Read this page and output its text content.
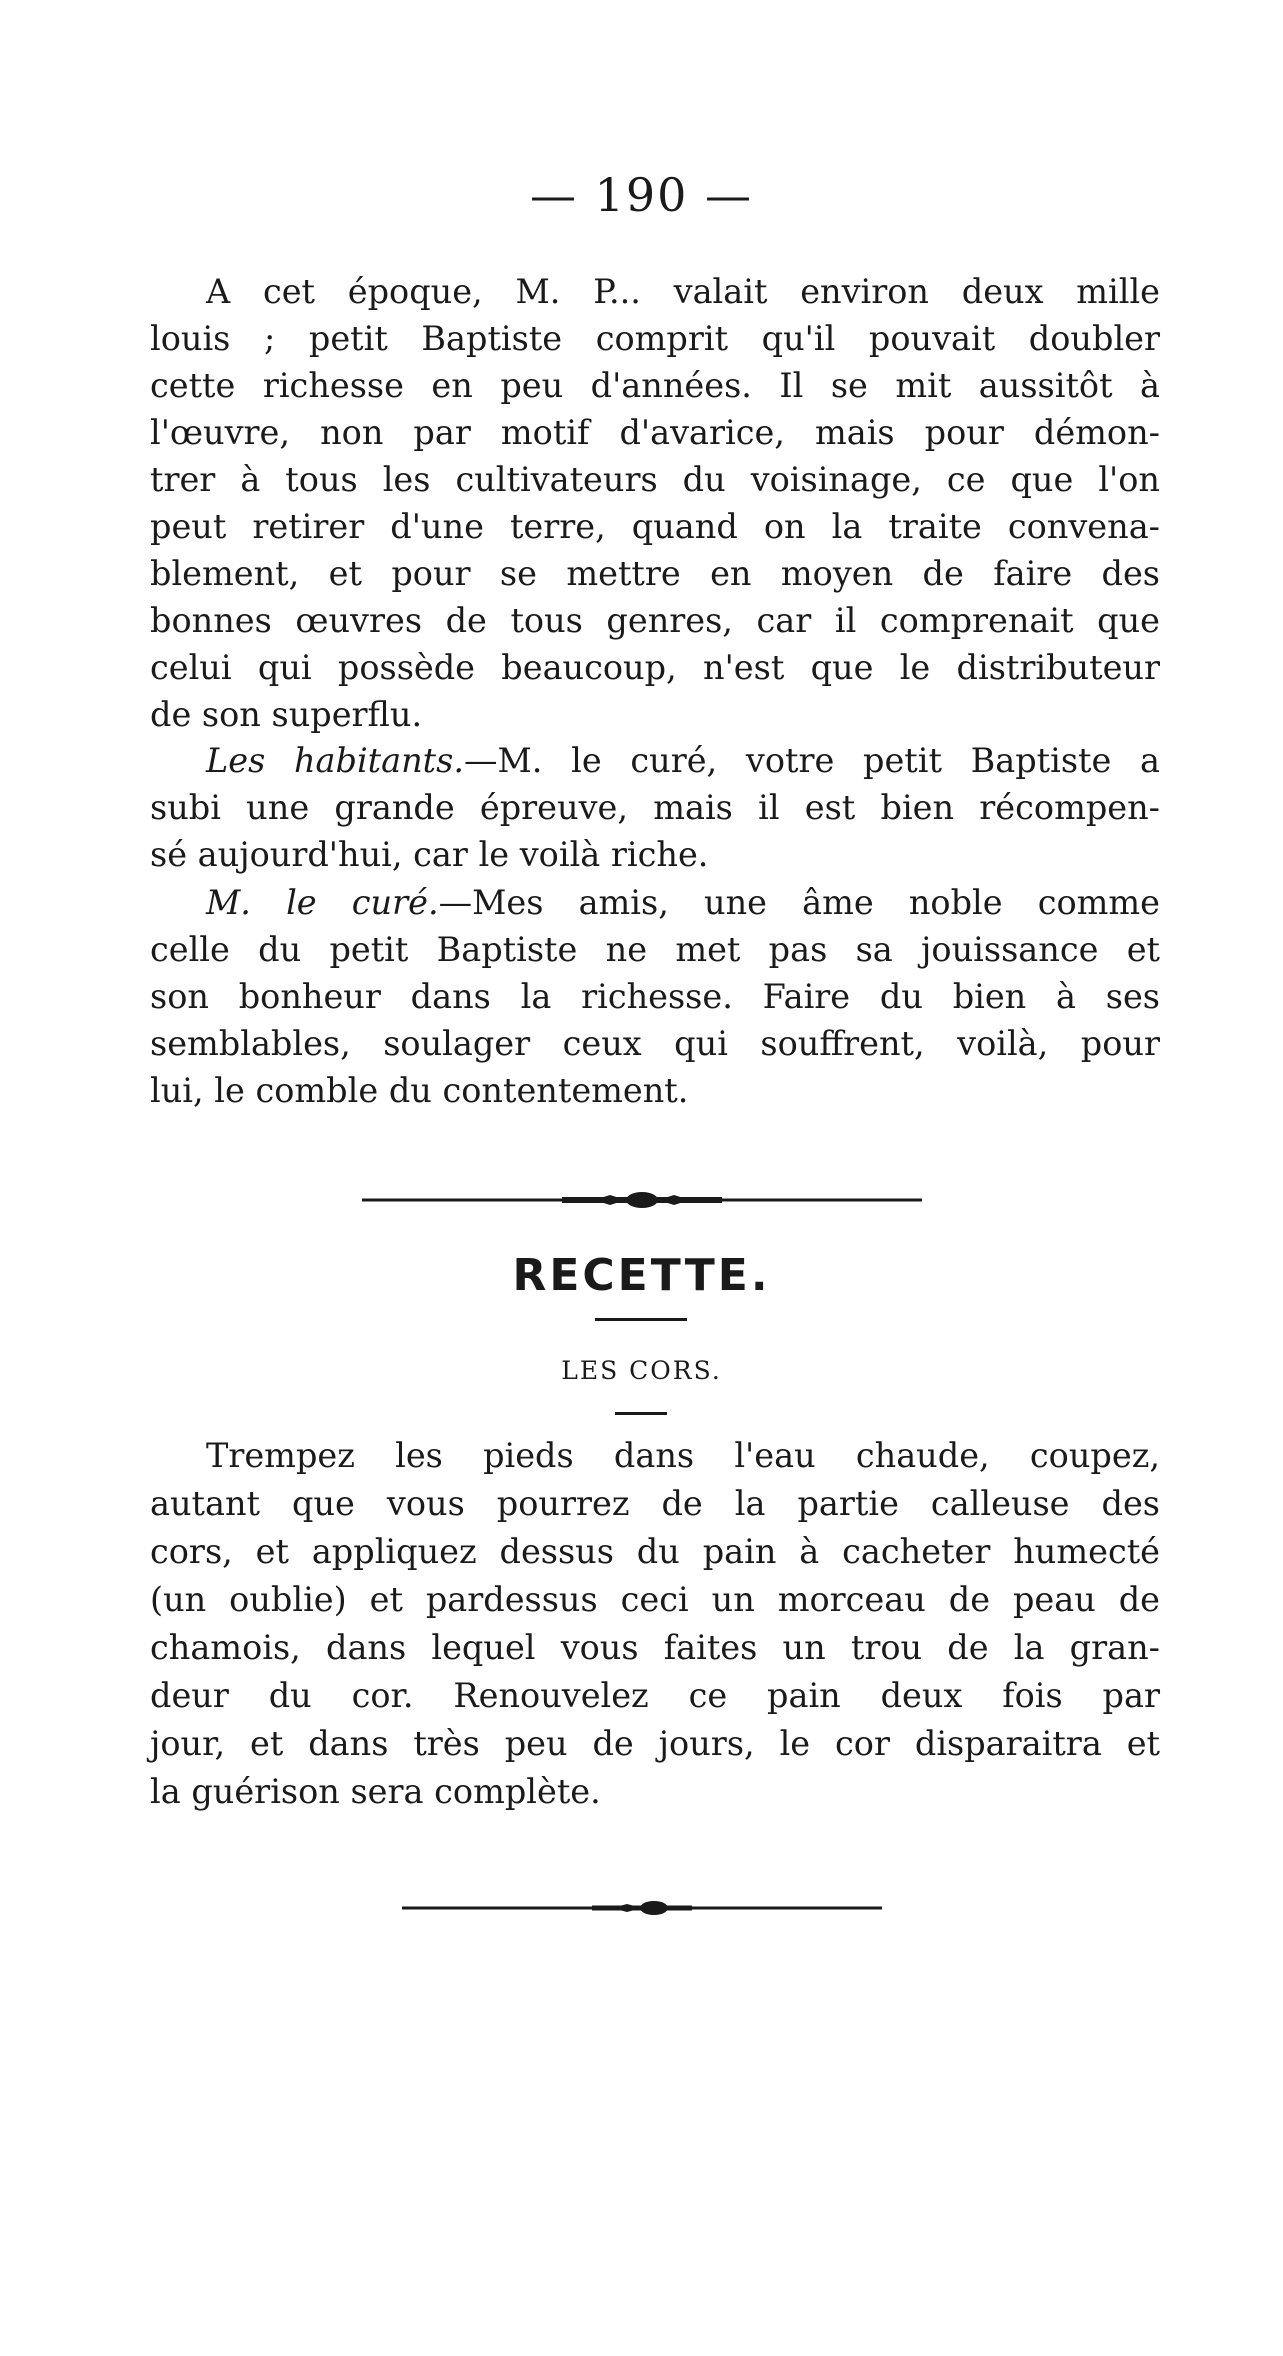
— 190 —
A cet époque, M. P... valait environ deux mille
louis ; petit Baptiste comprit qu'il pouvait doubler
cette richesse en peu d'années. Il se mit aussitôt à
l'œuvre, non par motif d'avarice, mais pour démon-
trer à tous les cultivateurs du voisinage, ce que l'on
peut retirer d'une terre, quand on la traite convena-
blement, et pour se mettre en moyen de faire des
bonnes œuvres de tous genres, car il comprenait que
celui qui possède beaucoup, n'est que le distributeur
de son superflu.
Les habitants.—M. le curé, votre petit Baptiste a
subi une grande épreuve, mais il est bien récompen-
sé aujourd'hui, car le voilà riche.
M. le curé.—Mes amis, une âme noble comme
celle du petit Baptiste ne met pas sa jouissance et
son bonheur dans la richesse. Faire du bien à ses
semblables, soulager ceux qui souffrent, voilà, pour
lui, le comble du contentement.
RECETTE.
LES CORS.
Trempez les pieds dans l'eau chaude, coupez,
autant que vous pourrez de la partie calleuse des
cors, et appliquez dessus du pain à cacheter humecté
(un oublie) et pardessus ceci un morceau de peau de
chamois, dans lequel vous faites un trou de la gran-
deur du cor. Renouvelez ce pain deux fois par
jour, et dans très peu de jours, le cor disparaitra et
la guérison sera complète.
